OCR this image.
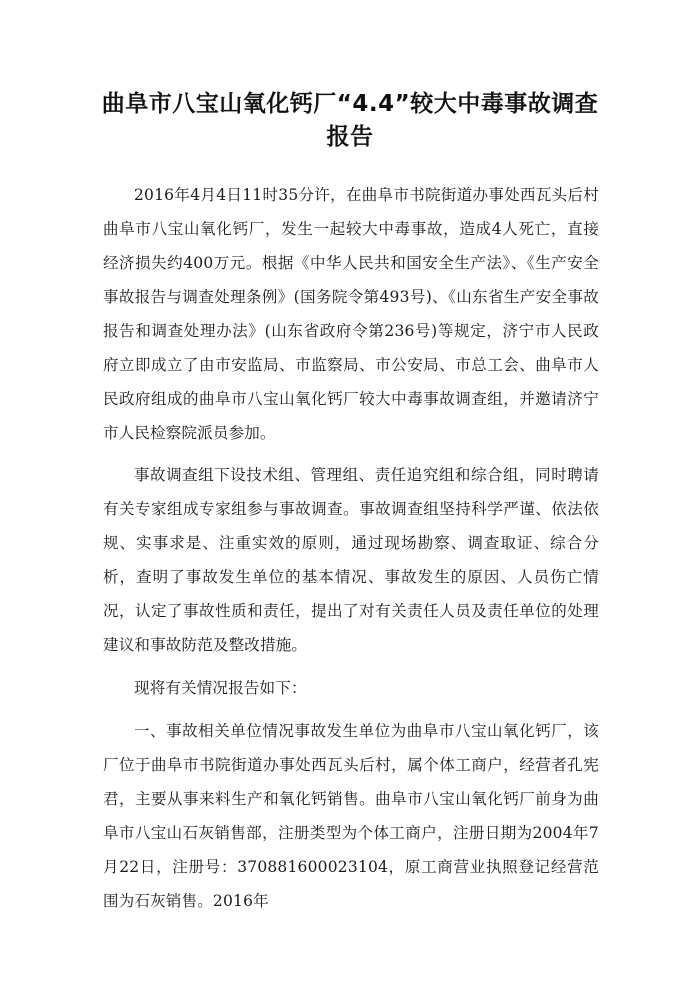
曲阜市八宝山氧化钙厂“4.4”较大中毒事故调查报告

2016年4月4日11时35分许，在曲阜市书院街道办事处西瓦头后村曲阜市八宝山氧化钙厂，发生一起较大中毒事故，造成4人死亡，直接经济损失约400万元。根据《中华人民共和国安全生产法》、《生产安全事故报告与调查处理条例》(国务院令第493号)、《山东省生产安全事故报告和调查处理办法》(山东省政府令第236号)等规定，济宁市人民政府立即成立了由市安监局、市监察局、市公安局、市总工会、曲阜市人民政府组成的曲阜市八宝山氧化钙厂较大中毒事故调查组，并邀请济宁市人民检察院派员参加。

事故调查组下设技术组、管理组、责任追究组和综合组，同时聘请有关专家组成专家组参与事故调查。事故调查组坚持科学严谨、依法依规、实事求是、注重实效的原则，通过现场勘察、调查取证、综合分析，查明了事故发生单位的基本情况、事故发生的原因、人员伤亡情况，认定了事故性质和责任，提出了对有关责任人员及责任单位的处理建议和事故防范及整改措施。

现将有关情况报告如下：

一、事故相关单位情况事故发生单位为曲阜市八宝山氧化钙厂，该厂位于曲阜市书院街道办事处西瓦头后村，属个体工商户，经营者孔宪君，主要从事来料生产和氧化钙销售。曲阜市八宝山氧化钙厂前身为曲阜市八宝山石灰销售部，注册类型为个体工商户，注册日期为2004年7月22日，注册号：370881600023104，原工商营业执照登记经营范围为石灰销售。2016年
